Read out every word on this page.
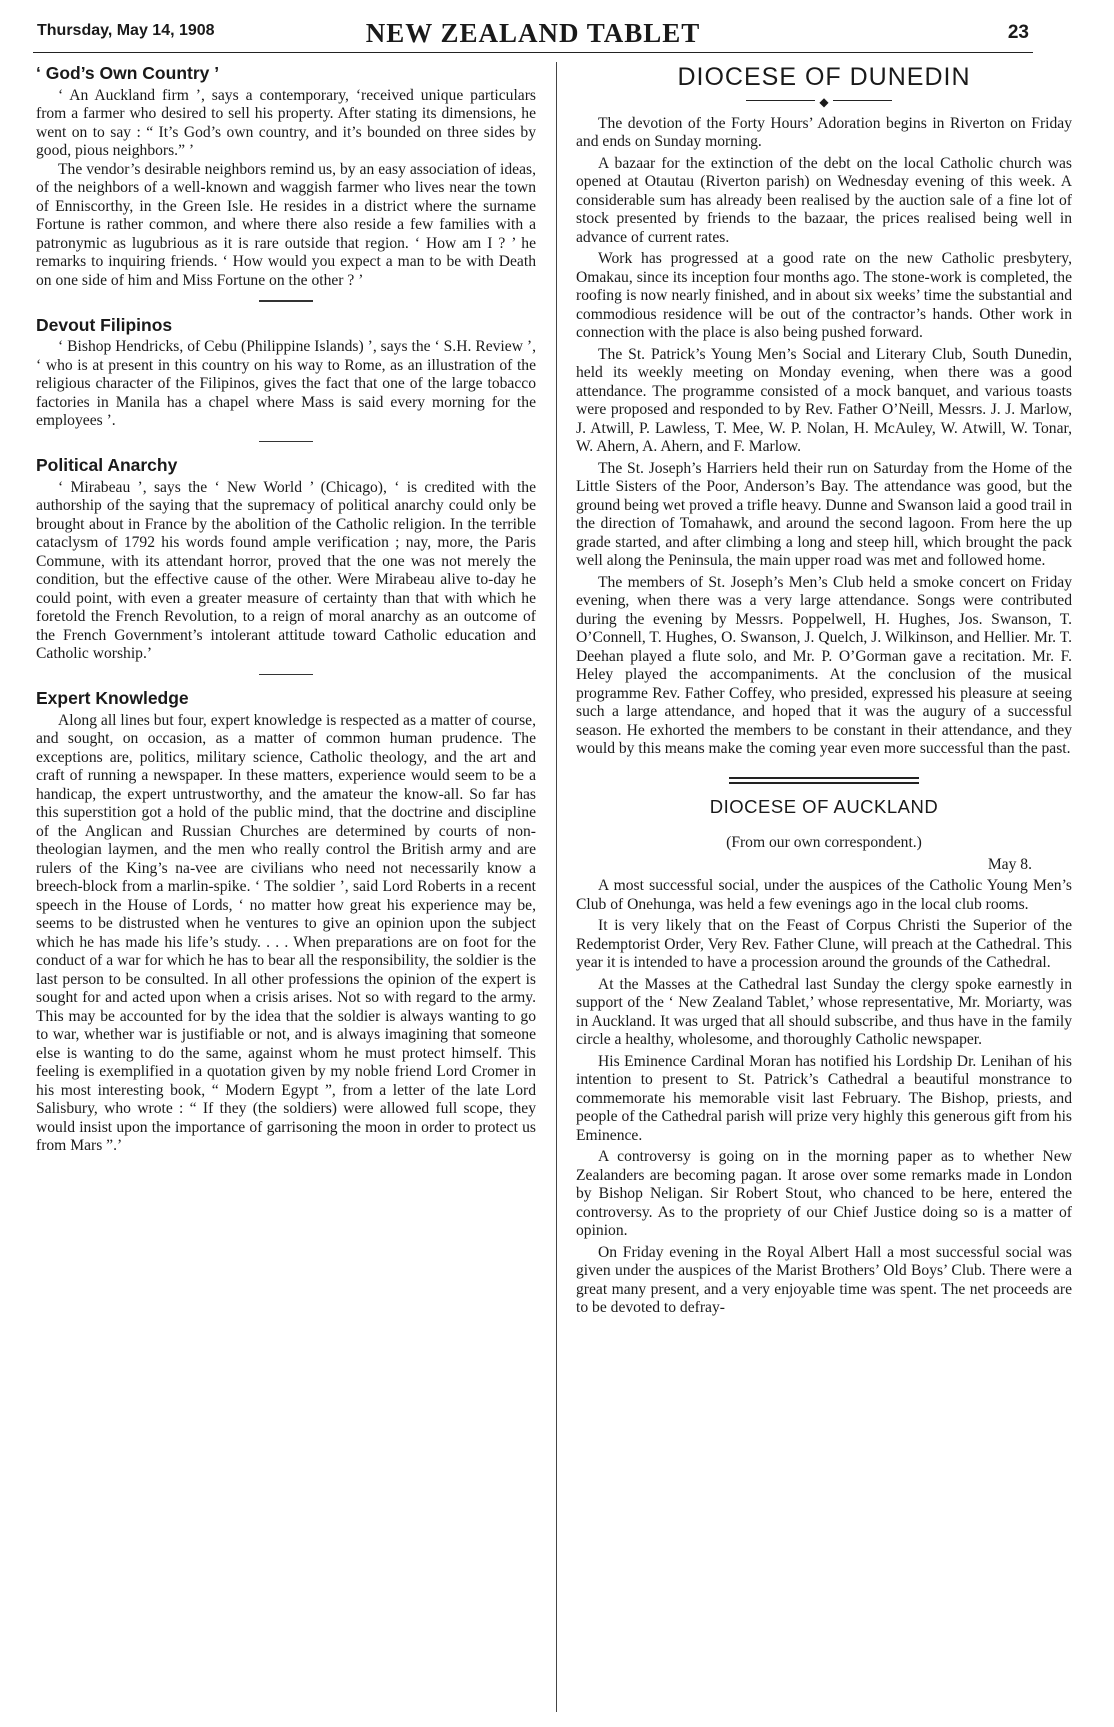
Thursday, May 14, 1908	NEW ZEALAND TABLET	23
‘ God’s Own Country ’

‘ An Auckland firm ’, says a contemporary, ‘received unique particulars from a farmer who desired to sell his property. After stating its dimensions, he went on to say : “ It’s God’s own country, and it’s bounded on three sides by good, pious neighbors.” ’

The vendor’s desirable neighbors remind us, by an easy association of ideas, of the neighbors of a well-known and waggish farmer who lives near the town of Enniscorthy, in the Green Isle. He resides in a district where the surname Fortune is rather common, and where there also reside a few families with a patronymic as lugubrious as it is rare outside that region. ‘ How am I ? ’ he remarks to inquiring friends. ‘ How would you expect a man to be with Death on one side of him and Miss Fortune on the other ? ’

Devout Filipinos

‘ Bishop Hendricks, of Cebu (Philippine Islands) ’, says the ‘ S.H. Review ’, ‘ who is at present in this country on his way to Rome, as an illustration of the religious character of the Filipinos, gives the fact that one of the large tobacco factories in Manila has a chapel where Mass is said every morning for the employees ’.

Political Anarchy

‘ Mirabeau ’, says the ‘ New World ’ (Chicago), ‘ is credited with the authorship of the saying that the supremacy of political anarchy could only be brought about in France by the abolition of the Catholic religion. In the terrible cataclysm of 1792 his words found ample verification ; nay, more, the Paris Commune, with its attendant horror, proved that the one was not merely the condition, but the effective cause of the other. Were Mirabeau alive to-day he could point, with even a greater measure of certainty than that with which he foretold the French Revolution, to a reign of moral anarchy as an outcome of the French Government’s intolerant attitude toward Catholic education and Catholic worship.’

Expert Knowledge

Along all lines but four, expert knowledge is respected as a matter of course, and sought, on occasion, as a matter of common human prudence. The exceptions are, politics, military science, Catholic theology, and the art and craft of running a newspaper. In these matters, experience would seem to be a handicap, the expert untrustworthy, and the amateur the know-all. So far has this superstition got a hold of the public mind, that the doctrine and discipline of the Anglican and Russian Churches are determined by courts of non-theologian laymen, and the men who really control the British army and are rulers of the King’s na-vee are civilians who need not necessarily know a breech-block from a marlin-spike. ‘ The soldier ’, said Lord Roberts in a recent speech in the House of Lords, ‘ no matter how great his experience may be, seems to be distrusted when he ventures to give an opinion upon the subject which he has made his life’s study. . . . When preparations are on foot for the conduct of a war for which he has to bear all the responsibility, the soldier is the last person to be consulted. In all other professions the opinion of the expert is sought for and acted upon when a crisis arises. Not so with regard to the army. This may be accounted for by the idea that the soldier is always wanting to go to war, whether war is justifiable or not, and is always imagining that someone else is wanting to do the same, against whom he must protect himself. This feeling is exemplified in a quotation given by my noble friend Lord Cromer in his most interesting book, “ Modern Egypt ”, from a letter of the late Lord Salisbury, who wrote : “ If they (the soldiers) were allowed full scope, they would insist upon the importance of garrisoning the moon in order to protect us from Mars ”.’

DIOCESE OF DUNEDIN
◆

The devotion of the Forty Hours’ Adoration begins in Riverton on Friday and ends on Sunday morning.

A bazaar for the extinction of the debt on the local Catholic church was opened at Otautau (Riverton parish) on Wednesday evening of this week. A considerable sum has already been realised by the auction sale of a fine lot of stock presented by friends to the bazaar, the prices realised being well in advance of current rates.

Work has progressed at a good rate on the new Catholic presbytery, Omakau, since its inception four months ago. The stone-work is completed, the roofing is now nearly finished, and in about six weeks’ time the substantial and commodious residence will be out of the contractor’s hands. Other work in connection with the place is also being pushed forward.

The St. Patrick’s Young Men’s Social and Literary Club, South Dunedin, held its weekly meeting on Monday evening, when there was a good attendance. The programme consisted of a mock banquet, and various toasts were proposed and responded to by Rev. Father O’Neill, Messrs. J. J. Marlow, J. Atwill, P. Lawless, T. Mee, W. P. Nolan, H. McAuley, W. Atwill, W. Tonar, W. Ahern, A. Ahern, and F. Marlow.

The St. Joseph’s Harriers held their run on Saturday from the Home of the Little Sisters of the Poor, Anderson’s Bay. The attendance was good, but the ground being wet proved a trifle heavy. Dunne and Swanson laid a good trail in the direction of Tomahawk, and around the second lagoon. From here the up grade started, and after climbing a long and steep hill, which brought the pack well along the Peninsula, the main upper road was met and followed home.

The members of St. Joseph’s Men’s Club held a smoke concert on Friday evening, when there was a very large attendance. Songs were contributed during the evening by Messrs. Poppelwell, H. Hughes, Jos. Swanson, T. O’Connell, T. Hughes, O. Swanson, J. Quelch, J. Wilkinson, and Hellier. Mr. T. Deehan played a flute solo, and Mr. P. O’Gorman gave a recitation. Mr. F. Heley played the accompaniments. At the conclusion of the musical programme Rev. Father Coffey, who presided, expressed his pleasure at seeing such a large attendance, and hoped that it was the augury of a successful season. He exhorted the members to be constant in their attendance, and they would by this means make the coming year even more successful than the past.

DIOCESE OF AUCKLAND

(From our own correspondent.)

May 8.

A most successful social, under the auspices of the Catholic Young Men’s Club of Onehunga, was held a few evenings ago in the local club rooms.

It is very likely that on the Feast of Corpus Christi the Superior of the Redemptorist Order, Very Rev. Father Clune, will preach at the Cathedral. This year it is intended to have a procession around the grounds of the Cathedral.

At the Masses at the Cathedral last Sunday the clergy spoke earnestly in support of the ‘ New Zealand Tablet,’ whose representative, Mr. Moriarty, was in Auckland. It was urged that all should subscribe, and thus have in the family circle a healthy, wholesome, and thoroughly Catholic newspaper.

His Eminence Cardinal Moran has notified his Lordship Dr. Lenihan of his intention to present to St. Patrick’s Cathedral a beautiful monstrance to commemorate his memorable visit last February. The Bishop, priests, and people of the Cathedral parish will prize very highly this generous gift from his Eminence.

A controversy is going on in the morning paper as to whether New Zealanders are becoming pagan. It arose over some remarks made in London by Bishop Neligan. Sir Robert Stout, who chanced to be here, entered the controversy. As to the propriety of our Chief Justice doing so is a matter of opinion.

On Friday evening in the Royal Albert Hall a most successful social was given under the auspices of the Marist Brothers’ Old Boys’ Club. There were a great many present, and a very enjoyable time was spent. The net proceeds are to be devoted to defray-
